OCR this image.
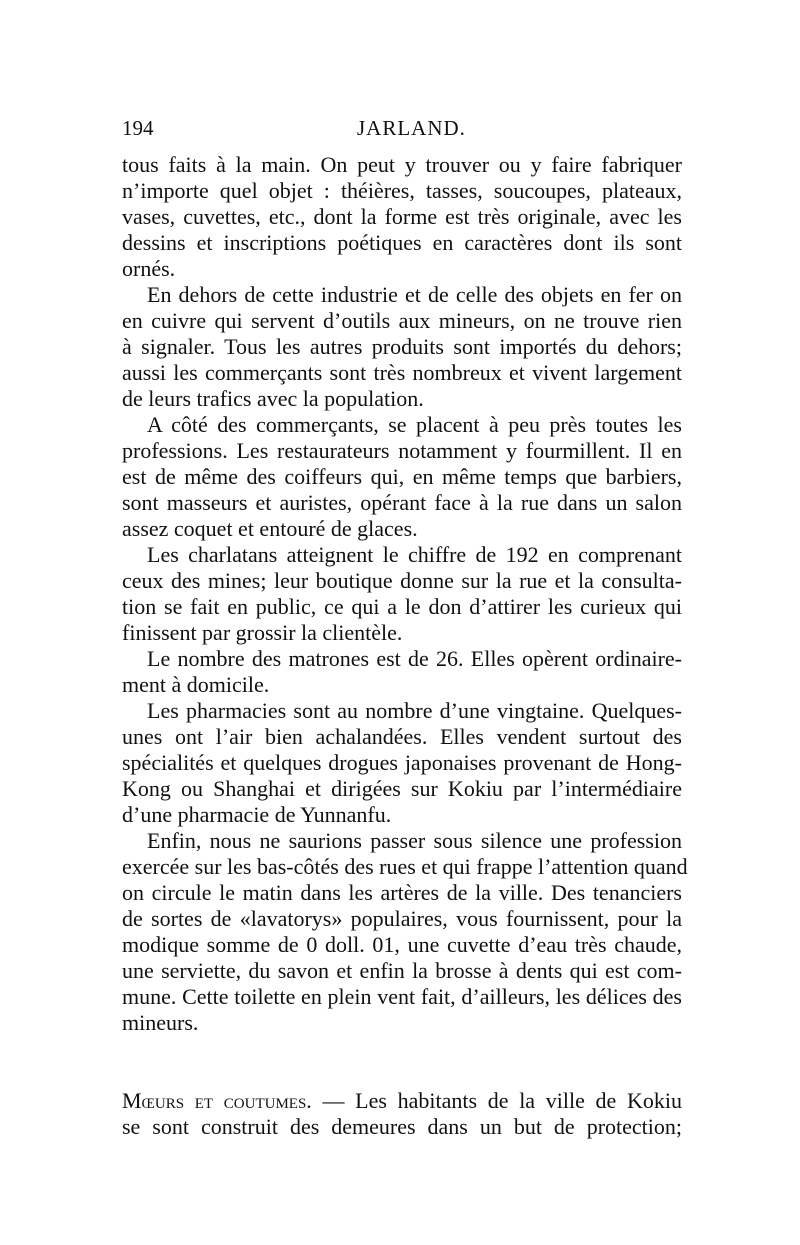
194	JARLAND.
tous faits à la main. On peut y trouver ou y faire fabriquer
n’importe quel objet : théières, tasses, soucoupes, plateaux,
vases, cuvettes, etc., dont la forme est très originale, avec les
dessins et inscriptions poétiques en caractères dont ils sont
ornés.
En dehors de cette industrie et de celle des objets en fer on
en cuivre qui servent d’outils aux mineurs, on ne trouve rien
à signaler. Tous les autres produits sont importés du dehors;
aussi les commerçants sont très nombreux et vivent largement
de leurs trafics avec la population.
A côté des commerçants, se placent à peu près toutes les
professions. Les restaurateurs notamment y fourmillent. Il en
est de même des coiffeurs qui, en même temps que barbiers,
sont masseurs et auristes, opérant face à la rue dans un salon
assez coquet et entouré de glaces.
Les charlatans atteignent le chiffre de 192 en comprenant
ceux des mines; leur boutique donne sur la rue et la consulta-
tion se fait en public, ce qui a le don d’attirer les curieux qui
finissent par grossir la clientèle.
Le nombre des matrones est de 26. Elles opèrent ordinaire-
ment à domicile.
Les pharmacies sont au nombre d’une vingtaine. Quelques-
unes ont l’air bien achalandées. Elles vendent surtout des
spécialités et quelques drogues japonaises provenant de Hong-
Kong ou Shanghai et dirigées sur Kokiu par l’intermédiaire
d’une pharmacie de Yunnanfu.
Enfin, nous ne saurions passer sous silence une profession
exercée sur les bas-côtés des rues et qui frappe l’attention quand
on circule le matin dans les artères de la ville. Des tenanciers
de sortes de «lavatorys» populaires, vous fournissent, pour la
modique somme de 0 doll. 01, une cuvette d’eau très chaude,
une serviette, du savon et enfin la brosse à dents qui est com-
mune. Cette toilette en plein vent fait, d’ailleurs, les délices des
mineurs.
Mœurs et coutumes. — Les habitants de la ville de Kokiu
se sont construit des demeures dans un but de protection;
